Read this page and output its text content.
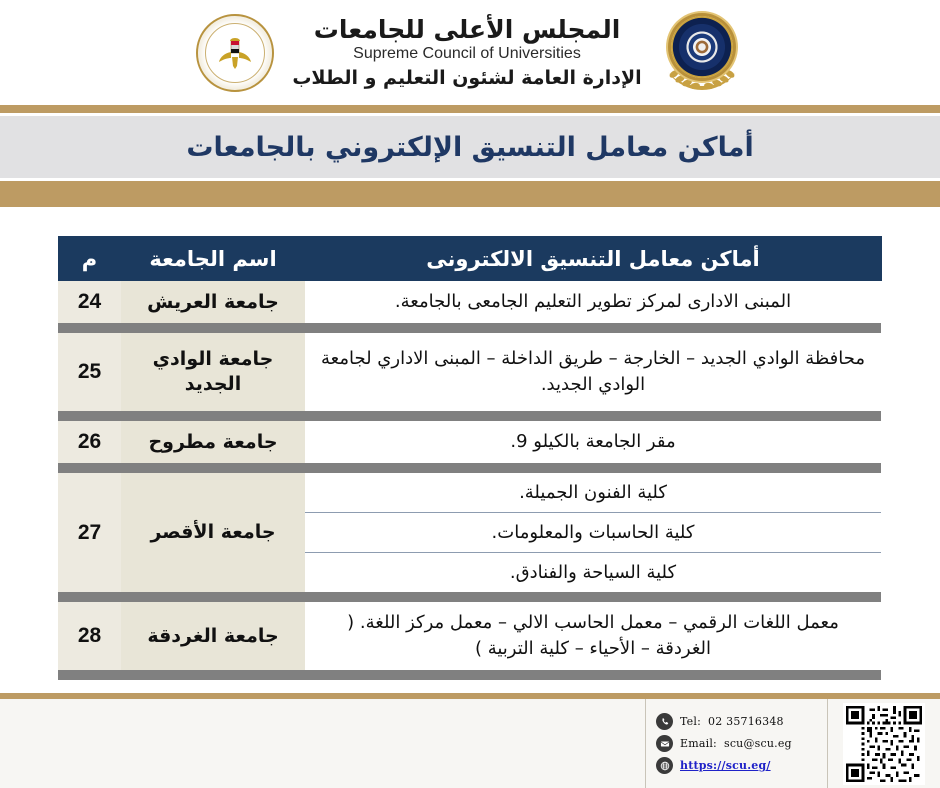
المجلس الأعلى للجامعات
Supreme Council of Universities
الإدارة العامة لشئون التعليم و الطلاب
أماكن معامل التنسيق الإلكتروني بالجامعات
أماكن معامل التنسيق الالكترونى	اسم الجامعة	م
المبنى الادارى لمركز تطوير التعليم الجامعى بالجامعة.	جامعة العريش	24

محافظة الوادي الجديد – الخارجة – طريق الداخلة – المبنى الاداري لجامعة الوادي الجديد.	جامعة الوادي الجديد	25

مقر الجامعة بالكيلو 9.	جامعة مطروح	26

كلية الفنون الجميلة.
كلية الحاسبات والمعلومات.
كلية السياحة والفنادق.	جامعة الأقصر	27

معمل اللغات الرقمي – معمل الحاسب الالي – معمل مركز اللغة. ( الغردقة – الأحياء – كلية التربية )	جامعة الغردقة	28

Tel: 02 35716348
Email: scu@scu.eg
https://scu.eg/
